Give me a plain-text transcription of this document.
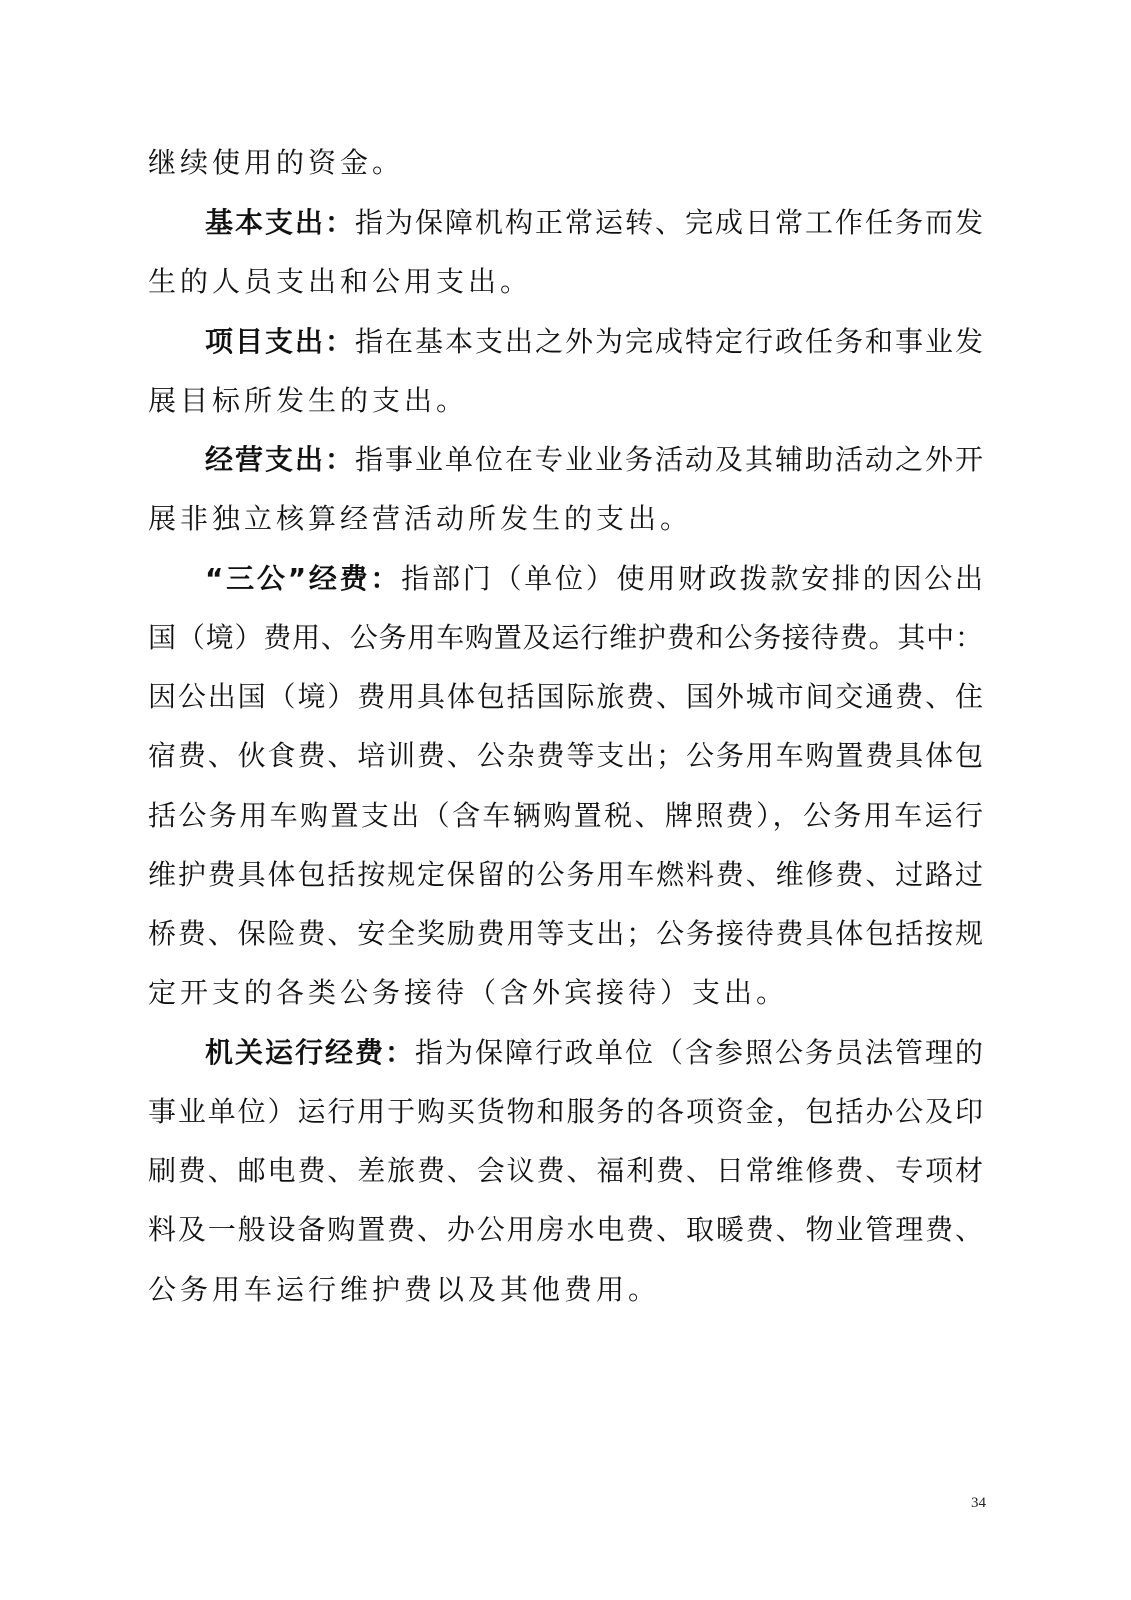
继续使用的资金。
基本支出：指为保障机构正常运转、完成日常工作任务而发
生的人员支出和公用支出。
项目支出：指在基本支出之外为完成特定行政任务和事业发
展目标所发生的支出。
经营支出：指事业单位在专业业务活动及其辅助活动之外开
展非独立核算经营活动所发生的支出。
“三公”经费：指部门（单位）使用财政拨款安排的因公出
国（境）费用、公务用车购置及运行维护费和公务接待费。其中：
因公出国（境）费用具体包括国际旅费、国外城市间交通费、住
宿费、伙食费、培训费、公杂费等支出；公务用车购置费具体包
括公务用车购置支出（含车辆购置税、牌照费），公务用车运行
维护费具体包括按规定保留的公务用车燃料费、维修费、过路过
桥费、保险费、安全奖励费用等支出；公务接待费具体包括按规
定开支的各类公务接待（含外宾接待）支出。
机关运行经费：指为保障行政单位（含参照公务员法管理的
事业单位）运行用于购买货物和服务的各项资金，包括办公及印
刷费、邮电费、差旅费、会议费、福利费、日常维修费、专项材
料及一般设备购置费、办公用房水电费、取暖费、物业管理费、
公务用车运行维护费以及其他费用。
34
